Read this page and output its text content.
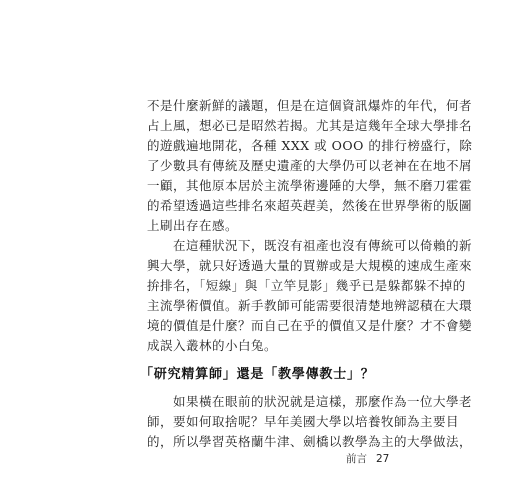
不是什麼新鮮的議題，但是在這個資訊爆炸的年代，何者
占上風，想必已是昭然若揭。尤其是這幾年全球大學排名
的遊戲遍地開花，各種 XXX 或 OOO 的排行榜盛行，除
了少數具有傳統及歷史遺產的大學仍可以老神在在地不屑
一顧，其他原本居於主流學術邊陲的大學，無不磨刀霍霍
的希望透過這些排名來超英趕美，然後在世界學術的版圖
上刷出存在感。
「研究精算師」還是「教學傳教士」？
　　如果橫在眼前的狀況就是這樣，那麼作為一位大學老
師，要如何取捨呢？早年美國大學以培養牧師為主要目
的，所以學習英格蘭牛津、劍橋以教學為主的大學做法，
前言 27
　　在這種狀況下，既沒有祖產也沒有傳統可以倚賴的新
興大學，就只好透過大量的買辦或是大規模的速成生產來
拚排名，「短線」與「立竿見影」幾乎已是躲都躲不掉的
主流學術價值。新手教師可能需要很清楚地辨認積在大環
境的價值是什麼？而自己在乎的價值又是什麼？才不會變
成誤入叢林的小白兔。
